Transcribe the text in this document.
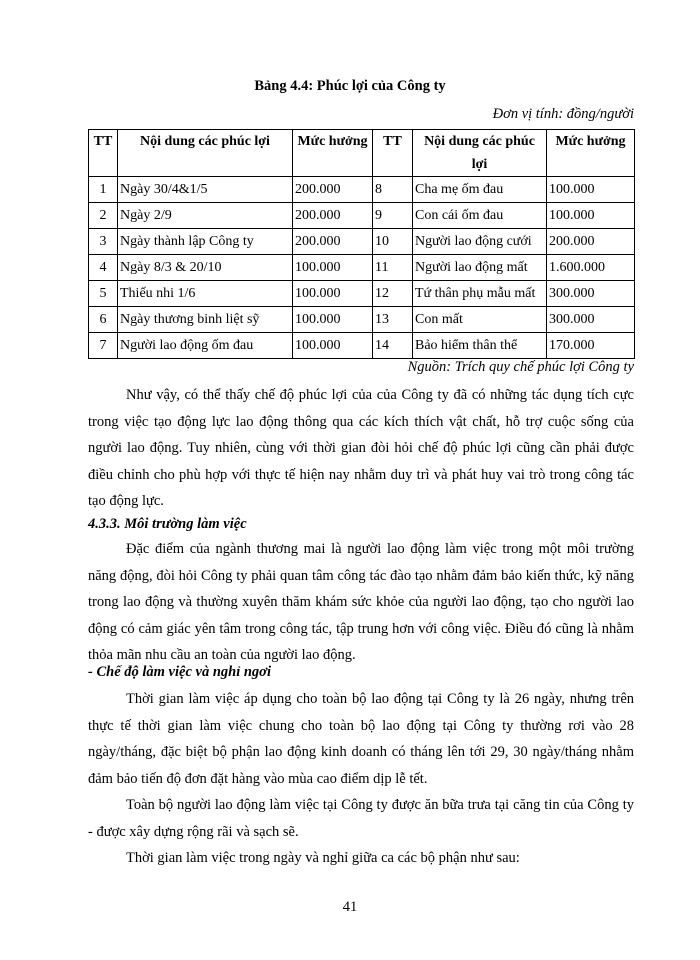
Bảng 4.4: Phúc lợi của Công ty
Đơn vị tính: đồng/người
TT	Nội dung các phúc lợi	Mức hưởng	TT	Nội dung các phúc lợi	Mức hưởng
1	Ngày 30/4&1/5	200.000	8	Cha mẹ ốm đau	100.000
2	Ngày 2/9	200.000	9	Con cái ốm đau	100.000
3	Ngày thành lập Công ty	200.000	10	Người lao động cưới	200.000
4	Ngày 8/3 & 20/10	100.000	11	Người lao động mất	1.600.000
5	Thiếu nhi 1/6	100.000	12	Tứ thân phụ mẫu mất	300.000
6	Ngày thương binh liệt sỹ	100.000	13	Con mất	300.000
7	Người lao động ốm đau	100.000	14	Bảo hiểm thân thể	170.000
Nguồn: Trích quy chế phúc lợi Công ty
Như vậy, có thể thấy chế độ phúc lợi của của Công ty đã có những tác dụng tích cực trong việc tạo động lực lao động thông qua các kích thích vật chất, hỗ trợ cuộc sống của người lao động. Tuy nhiên, cùng với thời gian đòi hỏi chế độ phúc lợi cũng cần phải được điều chỉnh cho phù hợp với thực tế hiện nay nhằm duy trì và phát huy vai trò trong công tác tạo động lực.
4.3.3. Môi trường làm việc
Đặc điểm của ngành thương mai là người lao động làm việc trong một môi trường năng động, đòi hỏi Công ty phải quan tâm công tác đào tạo nhằm đảm bảo kiến thức, kỹ năng trong lao động và thường xuyên thăm khám sức khỏe của người lao động, tạo cho người lao động có cảm giác yên tâm trong công tác, tập trung hơn với công việc. Điều đó cũng là nhằm thỏa mãn nhu cầu an toàn của người lao động.
- Chế độ làm việc và nghỉ ngơi
Thời gian làm việc áp dụng cho toàn bộ lao động tại Công ty là 26 ngày, nhưng trên thực tế thời gian làm việc chung cho toàn bộ lao động tại Công ty thường rơi vào 28 ngày/tháng, đặc biệt bộ phận lao động kinh doanh có tháng lên tới 29, 30 ngày/tháng nhằm đảm bảo tiến độ đơn đặt hàng vào mùa cao điểm dịp lễ tết.
Toàn bộ người lao động làm việc tại Công ty được ăn bữa trưa tại căng tin của Công ty - được xây dựng rộng rãi và sạch sẽ.
Thời gian làm việc trong ngày và nghỉ giữa ca các bộ phận như sau:
41
